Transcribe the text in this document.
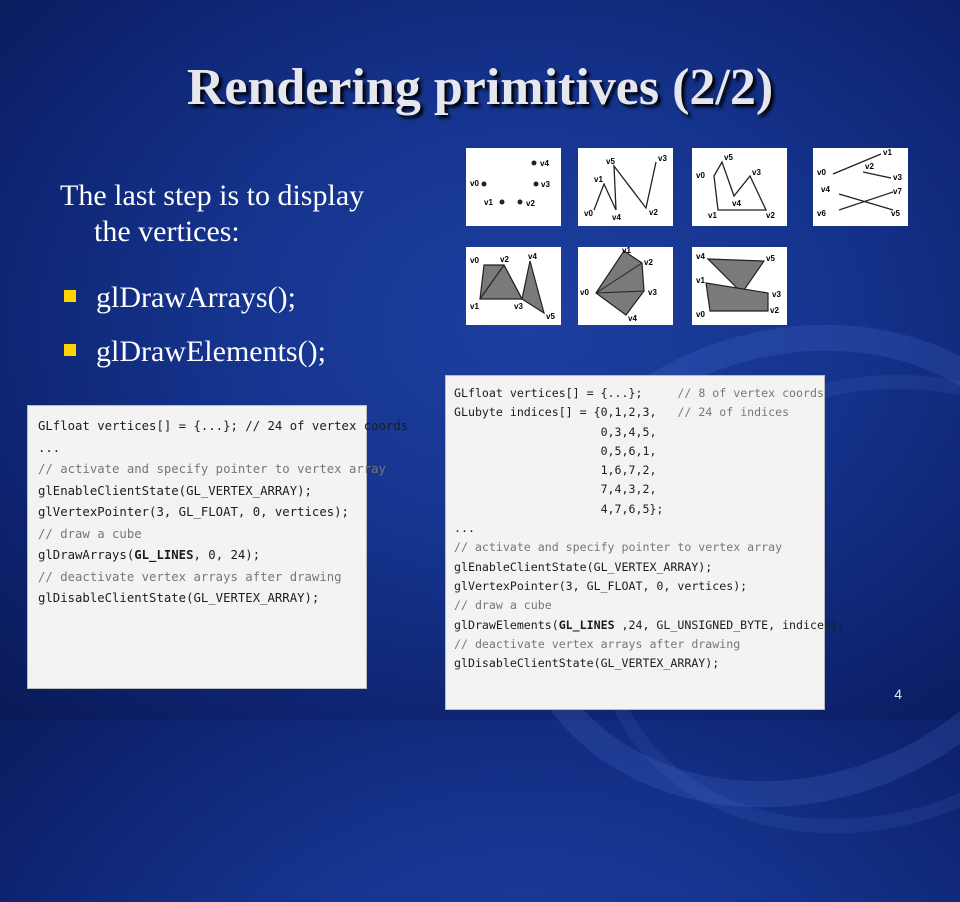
Rendering primitives (2/2)
The last step is to display
the vertices:
glDrawArrays();
glDrawElements();
v0
v1	v2
v3
v4	v5	v3
v1
v0 v4
v2
v5
v3
v0
v4
v1	v2
v1
v0
v2
v3
v4	v7
v6	v5
v0	v2 v4
v1	v3
v5
v1
v2
v0	v3
v4
v4	v5
v1
v3
v0	v2
GLfloat vertices[] = {...}; // 24 of vertex coords
...
// activate and specify pointer to vertex array
glEnableClientState(GL_VERTEX_ARRAY);
glVertexPointer(3, GL_FLOAT, 0, vertices);
// draw a cube
glDrawArrays(GL_LINES, 0, 24);
// deactivate vertex arrays after drawing
glDisableClientState(GL_VERTEX_ARRAY);
GLfloat vertices[] = {...};     // 8 of vertex coords
GLubyte indices[] = {0,1,2,3,   // 24 of indices
0,3,4,5,
0,5,6,1,
1,6,7,2,
7,4,3,2,
4,7,6,5};
...
// activate and specify pointer to vertex array
glEnableClientState(GL_VERTEX_ARRAY);
glVertexPointer(3, GL_FLOAT, 0, vertices);
// draw a cube
glDrawElements(GL_LINES ,24, GL_UNSIGNED_BYTE, indices);
// deactivate vertex arrays after drawing
glDisableClientState(GL_VERTEX_ARRAY);
4
